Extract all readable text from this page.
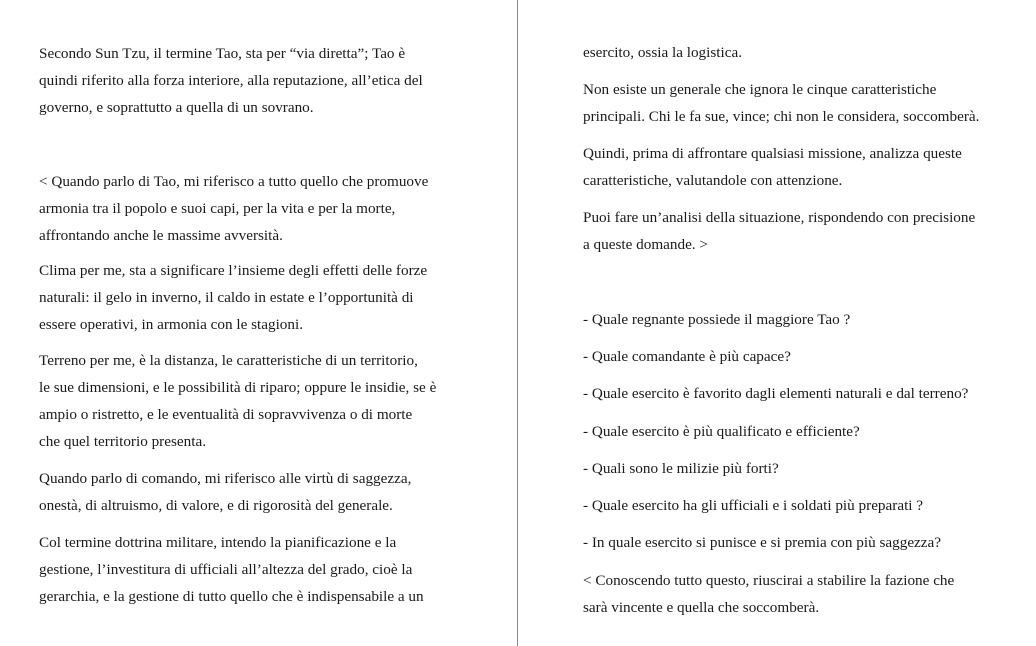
Secondo Sun Tzu, il termine Tao, sta per “via diretta”; Tao è
quindi riferito alla forza interiore, alla reputazione, all’etica del
governo, e soprattutto a quella di un sovrano.

< Quando parlo di Tao, mi riferisco a tutto quello che promuove
armonia tra il popolo e suoi capi, per la vita e per la morte,
affrontando anche le massime avversità.

Clima per me, sta a significare l’insieme degli effetti delle forze
naturali: il gelo in inverno, il caldo in estate e l’opportunità di
essere operativi, in armonia con le stagioni.

Terreno per me, è la distanza, le caratteristiche di un territorio,
le sue dimensioni, e le possibilità di riparo; oppure le insidie, se è
ampio o ristretto, e le eventualità di sopravvivenza o di morte
che quel territorio presenta.

Quando parlo di comando, mi riferisco alle virtù di saggezza,
onestà, di altruismo, di valore, e di rigorosità del generale.

Col termine dottrina militare, intendo la pianificazione e la
gestione, l’investitura di ufficiali all’altezza del grado, cioè la
gerarchia, e la gestione di tutto quello che è indispensabile a un

esercito, ossia la logistica.

Non esiste un generale che ignora le cinque caratteristiche
principali. Chi le fa sue, vince; chi non le considera, soccomberà.

Quindi, prima di affrontare qualsiasi missione, analizza queste
caratteristiche, valutandole con attenzione.

Puoi fare un’analisi della situazione, rispondendo con precisione
a queste domande. >

- Quale regnante possiede il maggiore Tao ?

- Quale comandante è più capace?

- Quale esercito è favorito dagli elementi naturali e dal terreno?

- Quale esercito è più qualificato e efficiente?

- Quali sono le milizie più forti?

- Quale esercito ha gli ufficiali e i soldati più preparati ?

- In quale esercito si punisce e si premia con più saggezza?

< Conoscendo tutto questo, riuscirai a stabilire la fazione che
sarà vincente e quella che soccomberà.
